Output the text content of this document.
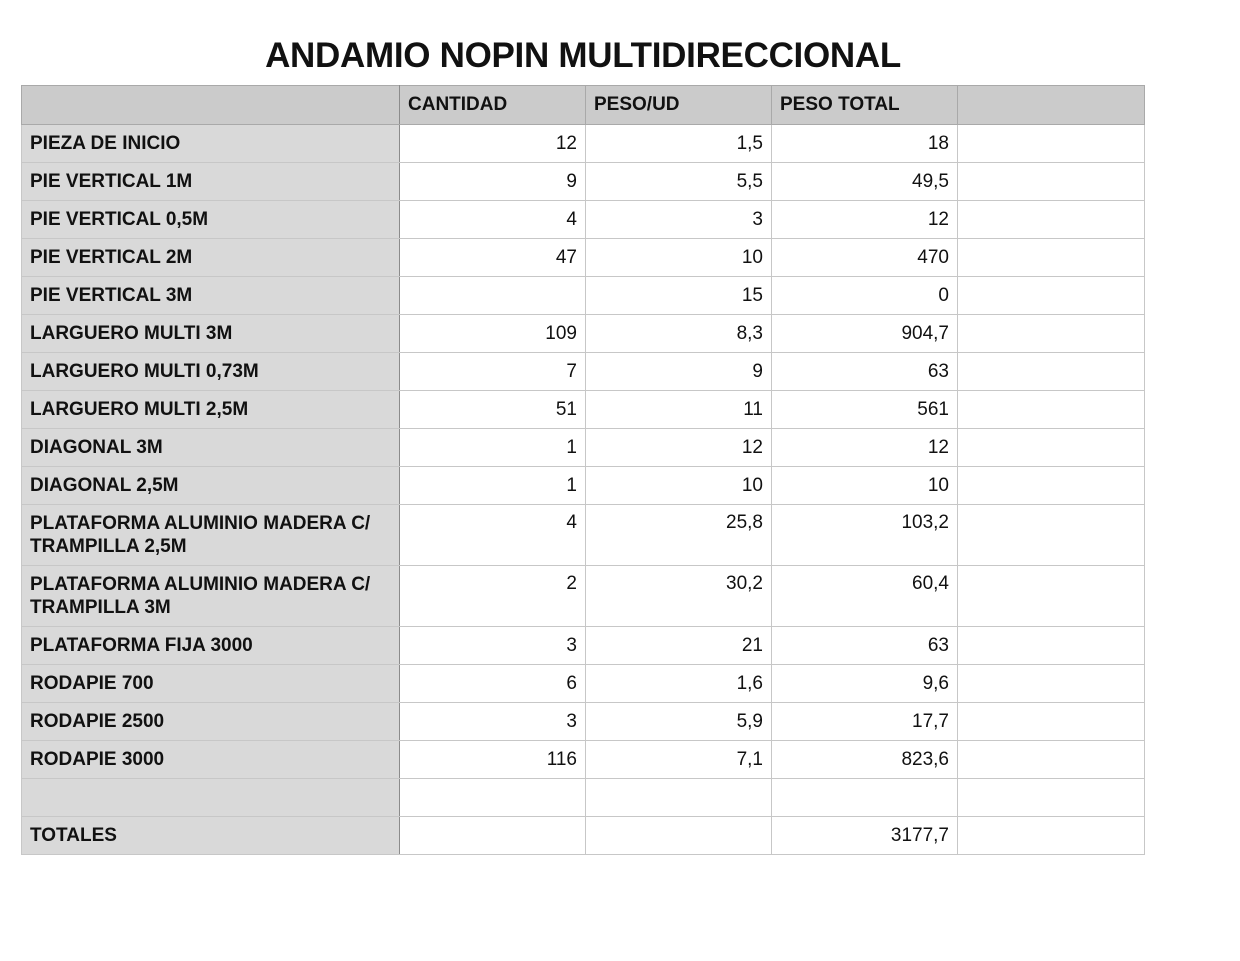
ANDAMIO NOPIN MULTIDIRECCIONAL
	CANTIDAD	PESO/UD	PESO TOTAL	
PIEZA DE INICIO	12	1,5	18	
PIE VERTICAL 1M	9	5,5	49,5	
PIE VERTICAL 0,5M	4	3	12	
PIE VERTICAL 2M	47	10	470	
PIE VERTICAL 3M		15	0	
LARGUERO MULTI 3M	109	8,3	904,7	
LARGUERO MULTI 0,73M	7	9	63	
LARGUERO MULTI 2,5M	51	11	561	
DIAGONAL 3M	1	12	12	
DIAGONAL 2,5M	1	10	10	
PLATAFORMA ALUMINIO MADERA C/ TRAMPILLA 2,5M	4	25,8	103,2	
PLATAFORMA ALUMINIO MADERA C/ TRAMPILLA 3M	2	30,2	60,4	
PLATAFORMA FIJA 3000	3	21	63	
RODAPIE 700	6	1,6	9,6	
RODAPIE 2500	3	5,9	17,7	
RODAPIE 3000	116	7,1	823,6	

TOTALES			3177,7	
